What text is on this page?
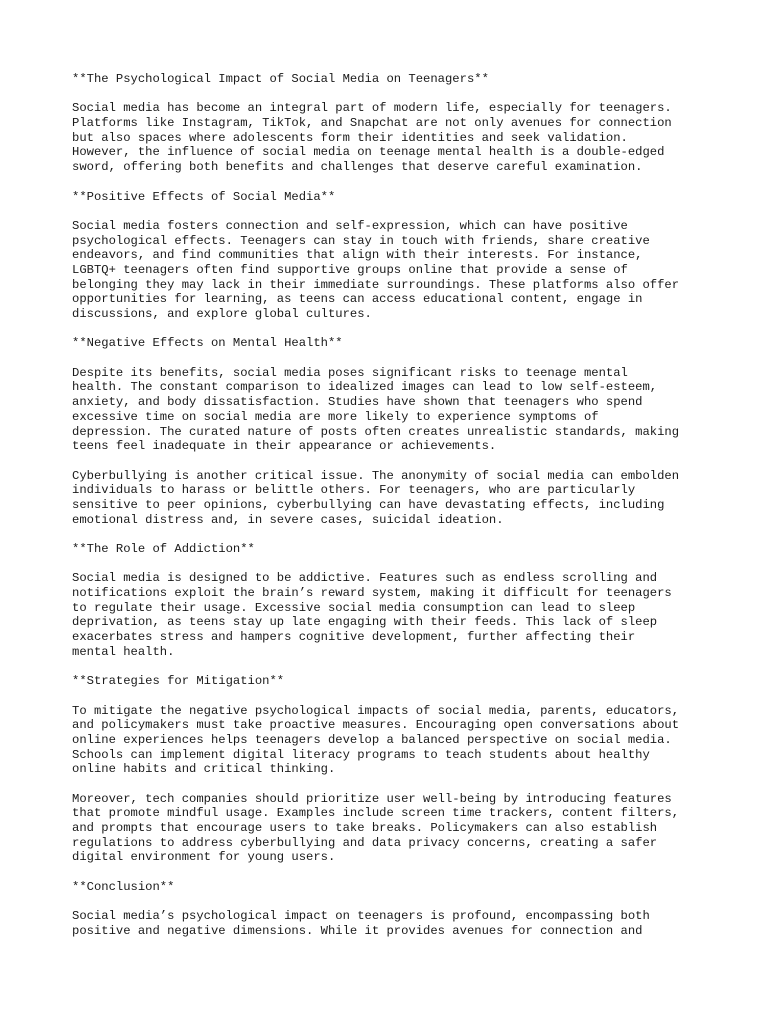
**The Psychological Impact of Social Media on Teenagers**
Social media has become an integral part of modern life, especially for teenagers.
Platforms like Instagram, TikTok, and Snapchat are not only avenues for connection
but also spaces where adolescents form their identities and seek validation.
However, the influence of social media on teenage mental health is a double-edged
sword, offering both benefits and challenges that deserve careful examination.
**Positive Effects of Social Media**
Social media fosters connection and self-expression, which can have positive
psychological effects. Teenagers can stay in touch with friends, share creative
endeavors, and find communities that align with their interests. For instance,
LGBTQ+ teenagers often find supportive groups online that provide a sense of
belonging they may lack in their immediate surroundings. These platforms also offer
opportunities for learning, as teens can access educational content, engage in
discussions, and explore global cultures.
**Negative Effects on Mental Health**
Despite its benefits, social media poses significant risks to teenage mental
health. The constant comparison to idealized images can lead to low self-esteem,
anxiety, and body dissatisfaction. Studies have shown that teenagers who spend
excessive time on social media are more likely to experience symptoms of
depression. The curated nature of posts often creates unrealistic standards, making
teens feel inadequate in their appearance or achievements.
Cyberbullying is another critical issue. The anonymity of social media can embolden
individuals to harass or belittle others. For teenagers, who are particularly
sensitive to peer opinions, cyberbullying can have devastating effects, including
emotional distress and, in severe cases, suicidal ideation.
**The Role of Addiction**
Social media is designed to be addictive. Features such as endless scrolling and
notifications exploit the brain’s reward system, making it difficult for teenagers
to regulate their usage. Excessive social media consumption can lead to sleep
deprivation, as teens stay up late engaging with their feeds. This lack of sleep
exacerbates stress and hampers cognitive development, further affecting their
mental health.
**Strategies for Mitigation**
To mitigate the negative psychological impacts of social media, parents, educators,
and policymakers must take proactive measures. Encouraging open conversations about
online experiences helps teenagers develop a balanced perspective on social media.
Schools can implement digital literacy programs to teach students about healthy
online habits and critical thinking.
Moreover, tech companies should prioritize user well-being by introducing features
that promote mindful usage. Examples include screen time trackers, content filters,
and prompts that encourage users to take breaks. Policymakers can also establish
regulations to address cyberbullying and data privacy concerns, creating a safer
digital environment for young users.
**Conclusion**
Social media’s psychological impact on teenagers is profound, encompassing both
positive and negative dimensions. While it provides avenues for connection and
